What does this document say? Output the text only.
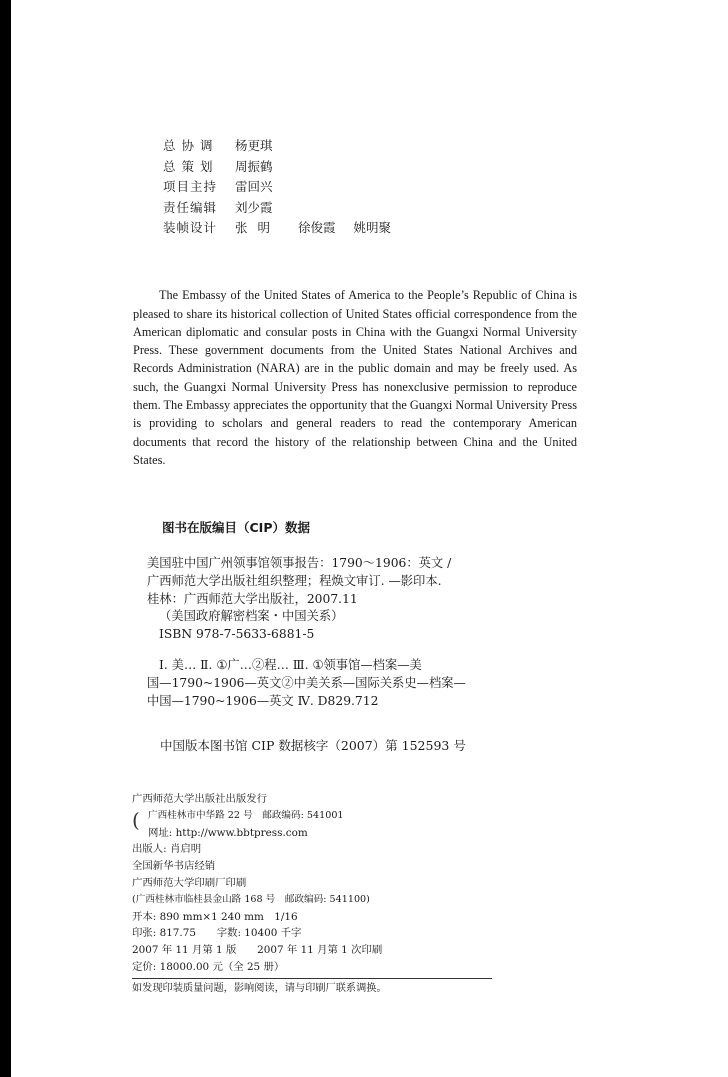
总 协 调 杨更琪
总 策 划 周振鹤
项目主持 雷回兴
责任编辑 刘少霞
装帧设计 张明 徐俊霞 姚明聚

The Embassy of the United States of America to the People’s Republic of China is pleased to share its historical collection of United States official correspondence from the American diplomatic and consular posts in China with the Guangxi Normal University Press. These government documents from the United States National Archives and Records Administration (NARA) are in the public domain and may be freely used. As such, the Guangxi Normal University Press has nonexclusive permission to reproduce them. The Embassy appreciates the opportunity that the Guangxi Normal University Press is providing to scholars and general readers to read the contemporary American documents that record the history of the relationship between China and the United States.

图书在版编目（CIP）数据
美国驻中国广州领事馆领事报告：1790～1906：英文 /
广西师范大学出版社组织整理；程焕文审订. —影印本.
桂林：广西师范大学出版社，2007.11
（美国政府解密档案・中国关系）
ISBN 978-7-5633-6881-5
Ⅰ. 美… Ⅱ. ①广…②程… Ⅲ. ①领事馆—档案—美
国—1790~1906—英文②中美关系—国际关系史—档案—
中国—1790~1906—英文 Ⅳ. D829.712
中国版本图书馆 CIP 数据核字（2007）第 152593 号
广西师范大学出版社出版发行
( 广西桂林市中华路 22 号　邮政编码: 541001
网址: http://www.bbtpress.com
出版人: 肖启明
全国新华书店经销
广西师范大学印刷厂印刷
(广西桂林市临桂县金山路 168 号　邮政编码: 541100)
开本: 890 mm×1 240 mm　1/16
印张: 817.75　　字数: 10400 千字
2007 年 11 月第 1 版　　2007 年 11 月第 1 次印刷
定价: 18000.00 元（全 25 册）
如发现印装质量问题，影响阅读，请与印刷厂联系调换。
